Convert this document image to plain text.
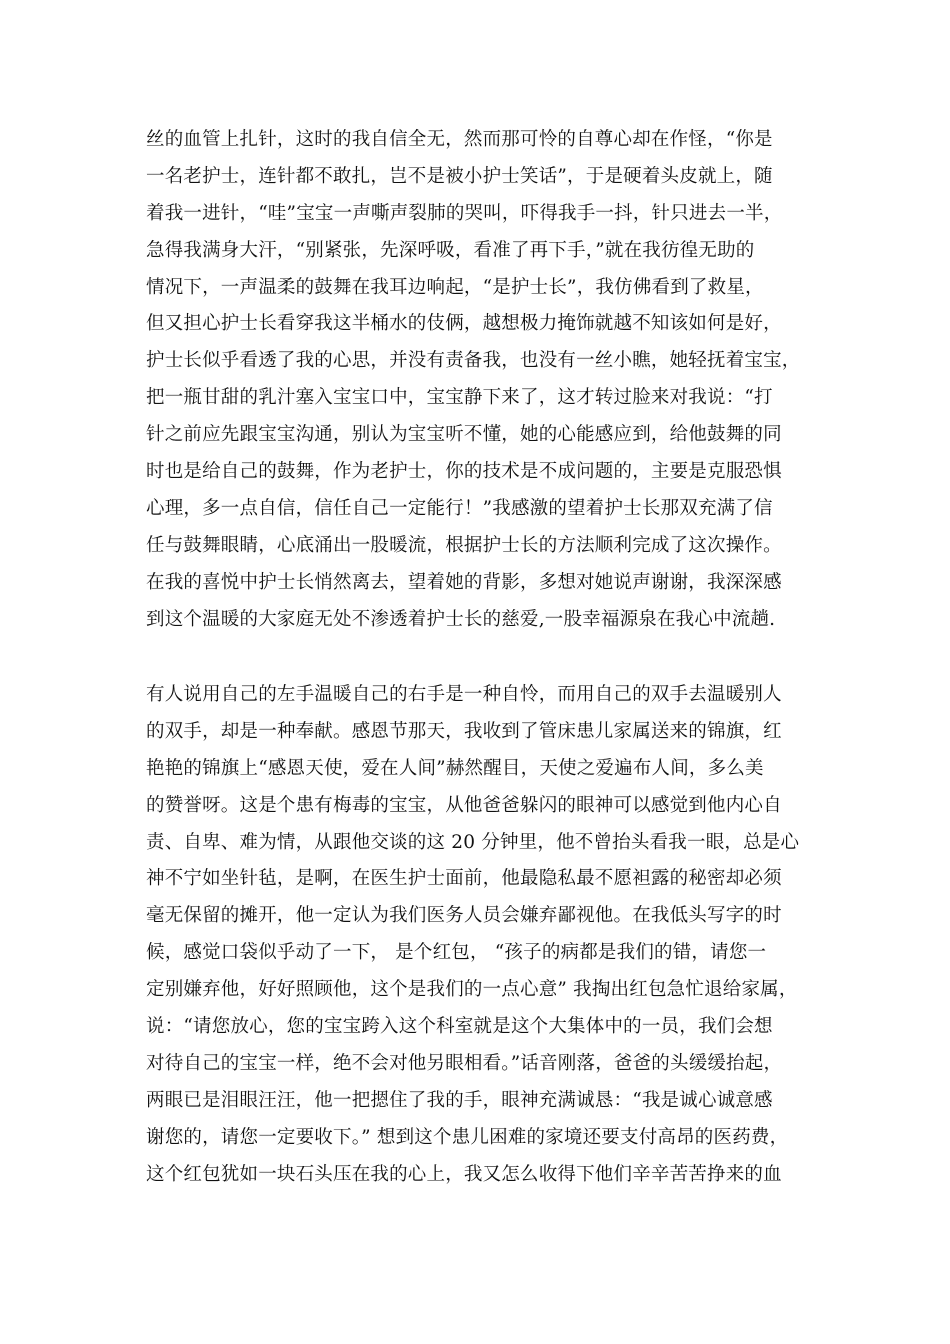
丝的血管上扎针，这时的我自信全无，然而那可怜的自尊心却在作怪，“你是
一名老护士，连针都不敢扎，岂不是被小护士笑话”，于是硬着头皮就上，随
着我一进针，“哇”宝宝一声嘶声裂肺的哭叫，吓得我手一抖，针只进去一半，
急得我满身大汗，“别紧张，先深呼吸，看准了再下手，”就在我彷徨无助的
情况下，一声温柔的鼓舞在我耳边响起，“是护士长”，我仿佛看到了救星，
但又担心护士长看穿我这半桶水的伎俩，越想极力掩饰就越不知该如何是好，
护士长似乎看透了我的心思，并没有责备我，也没有一丝小瞧，她轻抚着宝宝，
把一瓶甘甜的乳汁塞入宝宝口中，宝宝静下来了，这才转过脸来对我说：“打
针之前应先跟宝宝沟通，别认为宝宝听不懂，她的心能感应到，给他鼓舞的同
时也是给自己的鼓舞，作为老护士，你的技术是不成问题的，主要是克服恐惧
心理，多一点自信，信任自己一定能行！”我感激的望着护士长那双充满了信
任与鼓舞眼睛，心底涌出一股暖流，根据护士长的方法顺利完成了这次操作。
在我的喜悦中护士长悄然离去，望着她的背影，多想对她说声谢谢，我深深感
到这个温暖的大家庭无处不渗透着护士长的慈爱,一股幸福源泉在我心中流趟.
有人说用自己的左手温暖自己的右手是一种自怜，而用自己的双手去温暖别人
的双手，却是一种奉献。感恩节那天，我收到了管床患儿家属送来的锦旗，红
艳艳的锦旗上“感恩天使，爱在人间”赫然醒目，天使之爱遍布人间，多么美
的赞誉呀。这是个患有梅毒的宝宝，从他爸爸躲闪的眼神可以感觉到他内心自
责、自卑、难为情，从跟他交谈的这 20 分钟里，他不曾抬头看我一眼，总是心
神不宁如坐针毡，是啊，在医生护士面前，他最隐私最不愿袒露的秘密却必须
毫无保留的摊开，他一定认为我们医务人员会嫌弃鄙视他。在我低头写字的时
候，感觉口袋似乎动了一下， 是个红包， “孩子的病都是我们的错，请您一
定别嫌弃他，好好照顾他，这个是我们的一点心意” 我掏出红包急忙退给家属，
说：“请您放心，您的宝宝跨入这个科室就是这个大集体中的一员，我们会想
对待自己的宝宝一样，绝不会对他另眼相看。”话音刚落，爸爸的头缓缓抬起，
两眼已是泪眼汪汪，他一把摁住了我的手，眼神充满诚恳：“我是诚心诚意感
谢您的，请您一定要收下。” 想到这个患儿困难的家境还要支付高昂的医药费，
这个红包犹如一块石头压在我的心上，我又怎么收得下他们辛辛苦苦挣来的血
